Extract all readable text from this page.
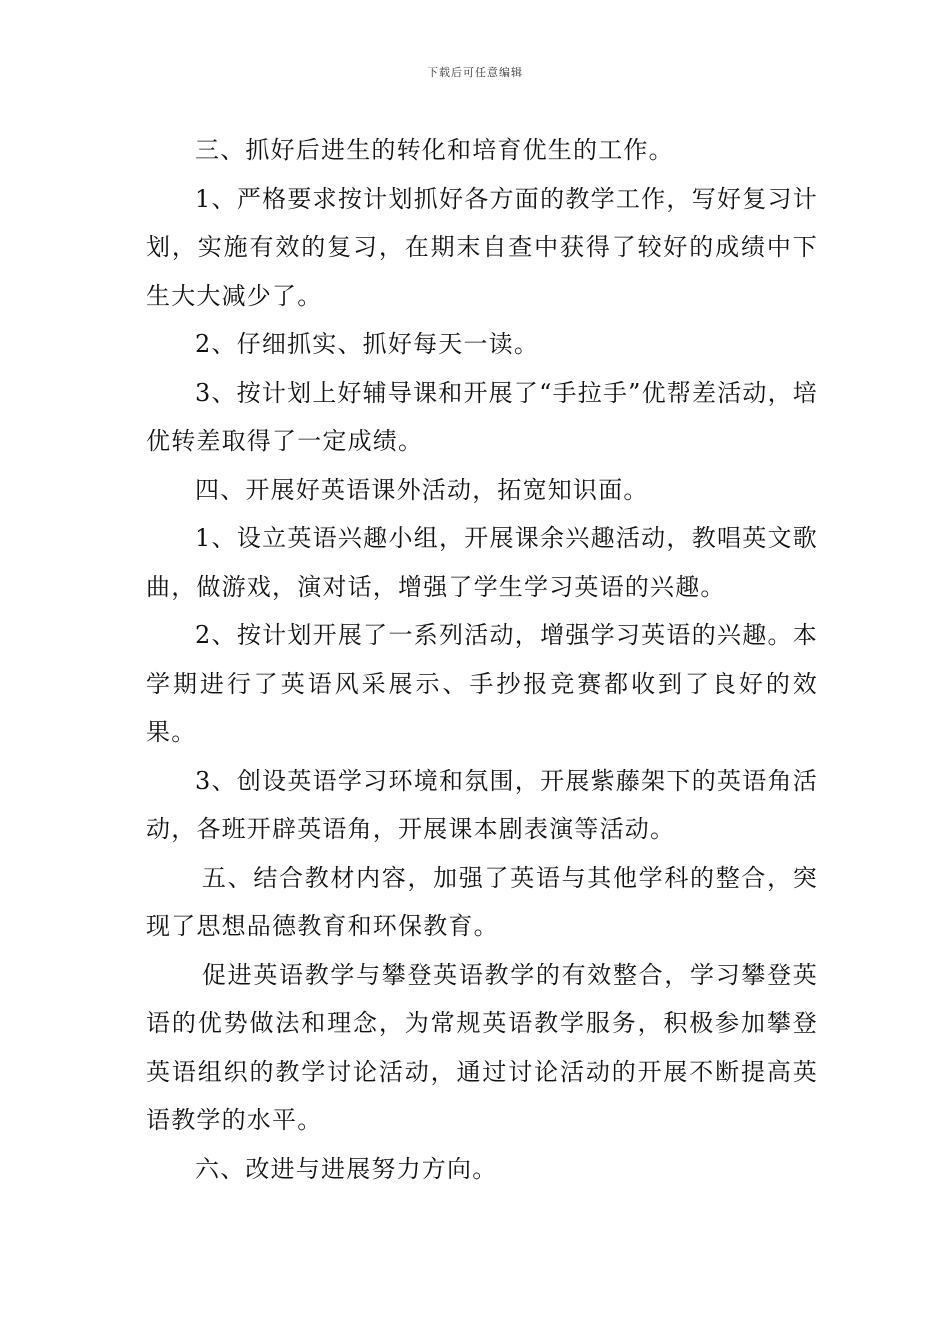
下载后可任意编辑

三、抓好后进生的转化和培育优生的工作。

1、严格要求按计划抓好各方面的教学工作，写好复习计划，实施有效的复习，在期末自查中获得了较好的成绩中下生大大减少了。

2、仔细抓实、抓好每天一读。

3、按计划上好辅导课和开展了“手拉手”优帮差活动，培优转差取得了一定成绩。

四、开展好英语课外活动，拓宽知识面。

1、设立英语兴趣小组，开展课余兴趣活动，教唱英文歌曲，做游戏，演对话，增强了学生学习英语的兴趣。

2、按计划开展了一系列活动，增强学习英语的兴趣。本学期进行了英语风采展示、手抄报竞赛都收到了良好的效果。

3、创设英语学习环境和氛围，开展紫藤架下的英语角活动，各班开辟英语角，开展课本剧表演等活动。

五、结合教材内容，加强了英语与其他学科的整合，突现了思想品德教育和环保教育。

促进英语教学与攀登英语教学的有效整合，学习攀登英语的优势做法和理念，为常规英语教学服务，积极参加攀登英语组织的教学讨论活动，通过讨论活动的开展不断提高英语教学的水平。

六、改进与进展努力方向。
